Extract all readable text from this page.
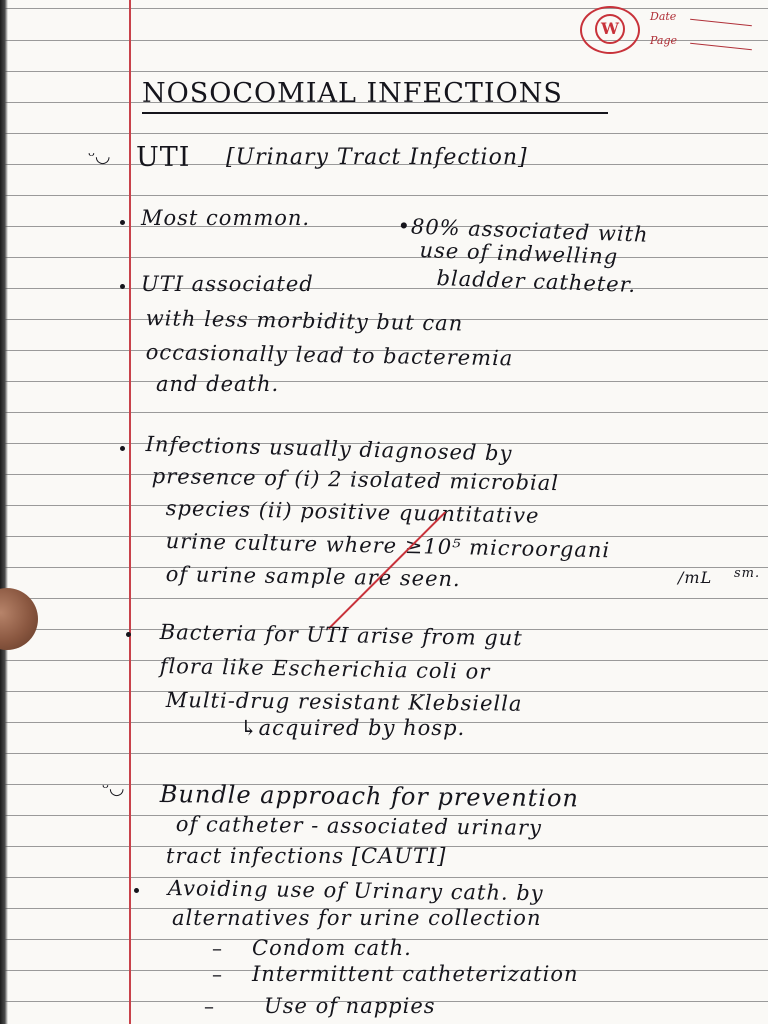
W
Date
Page
NOSOCOMIAL INFECTIONS
ᵕ◡ UTI [Urinary Tract Infection]
Most common.	•80% associated with
use of indwelling
bladder catheter.
UTI associated
with less morbidity but can
occasionally lead to bacteremia
and death.
Infections usually diagnosed by
presence of (i) 2 isolated microbial
species (ii) positive quantitative
urine culture where ≥10⁵ microorgani
of urine sample are seen.	sm.
/mL
Bacteria for UTI arise from gut
flora like Escherichia coli or
Multi-drug resistant Klebsiella
↳acquired by hosp.
ᵕ◡ Bundle approach for prevention
of catheter - associated urinary
tract infections [CAUTI]
Avoiding use of Urinary cath. by
alternatives for urine collection
– Condom cath.
– Intermittent catheterization
– Use of nappies
